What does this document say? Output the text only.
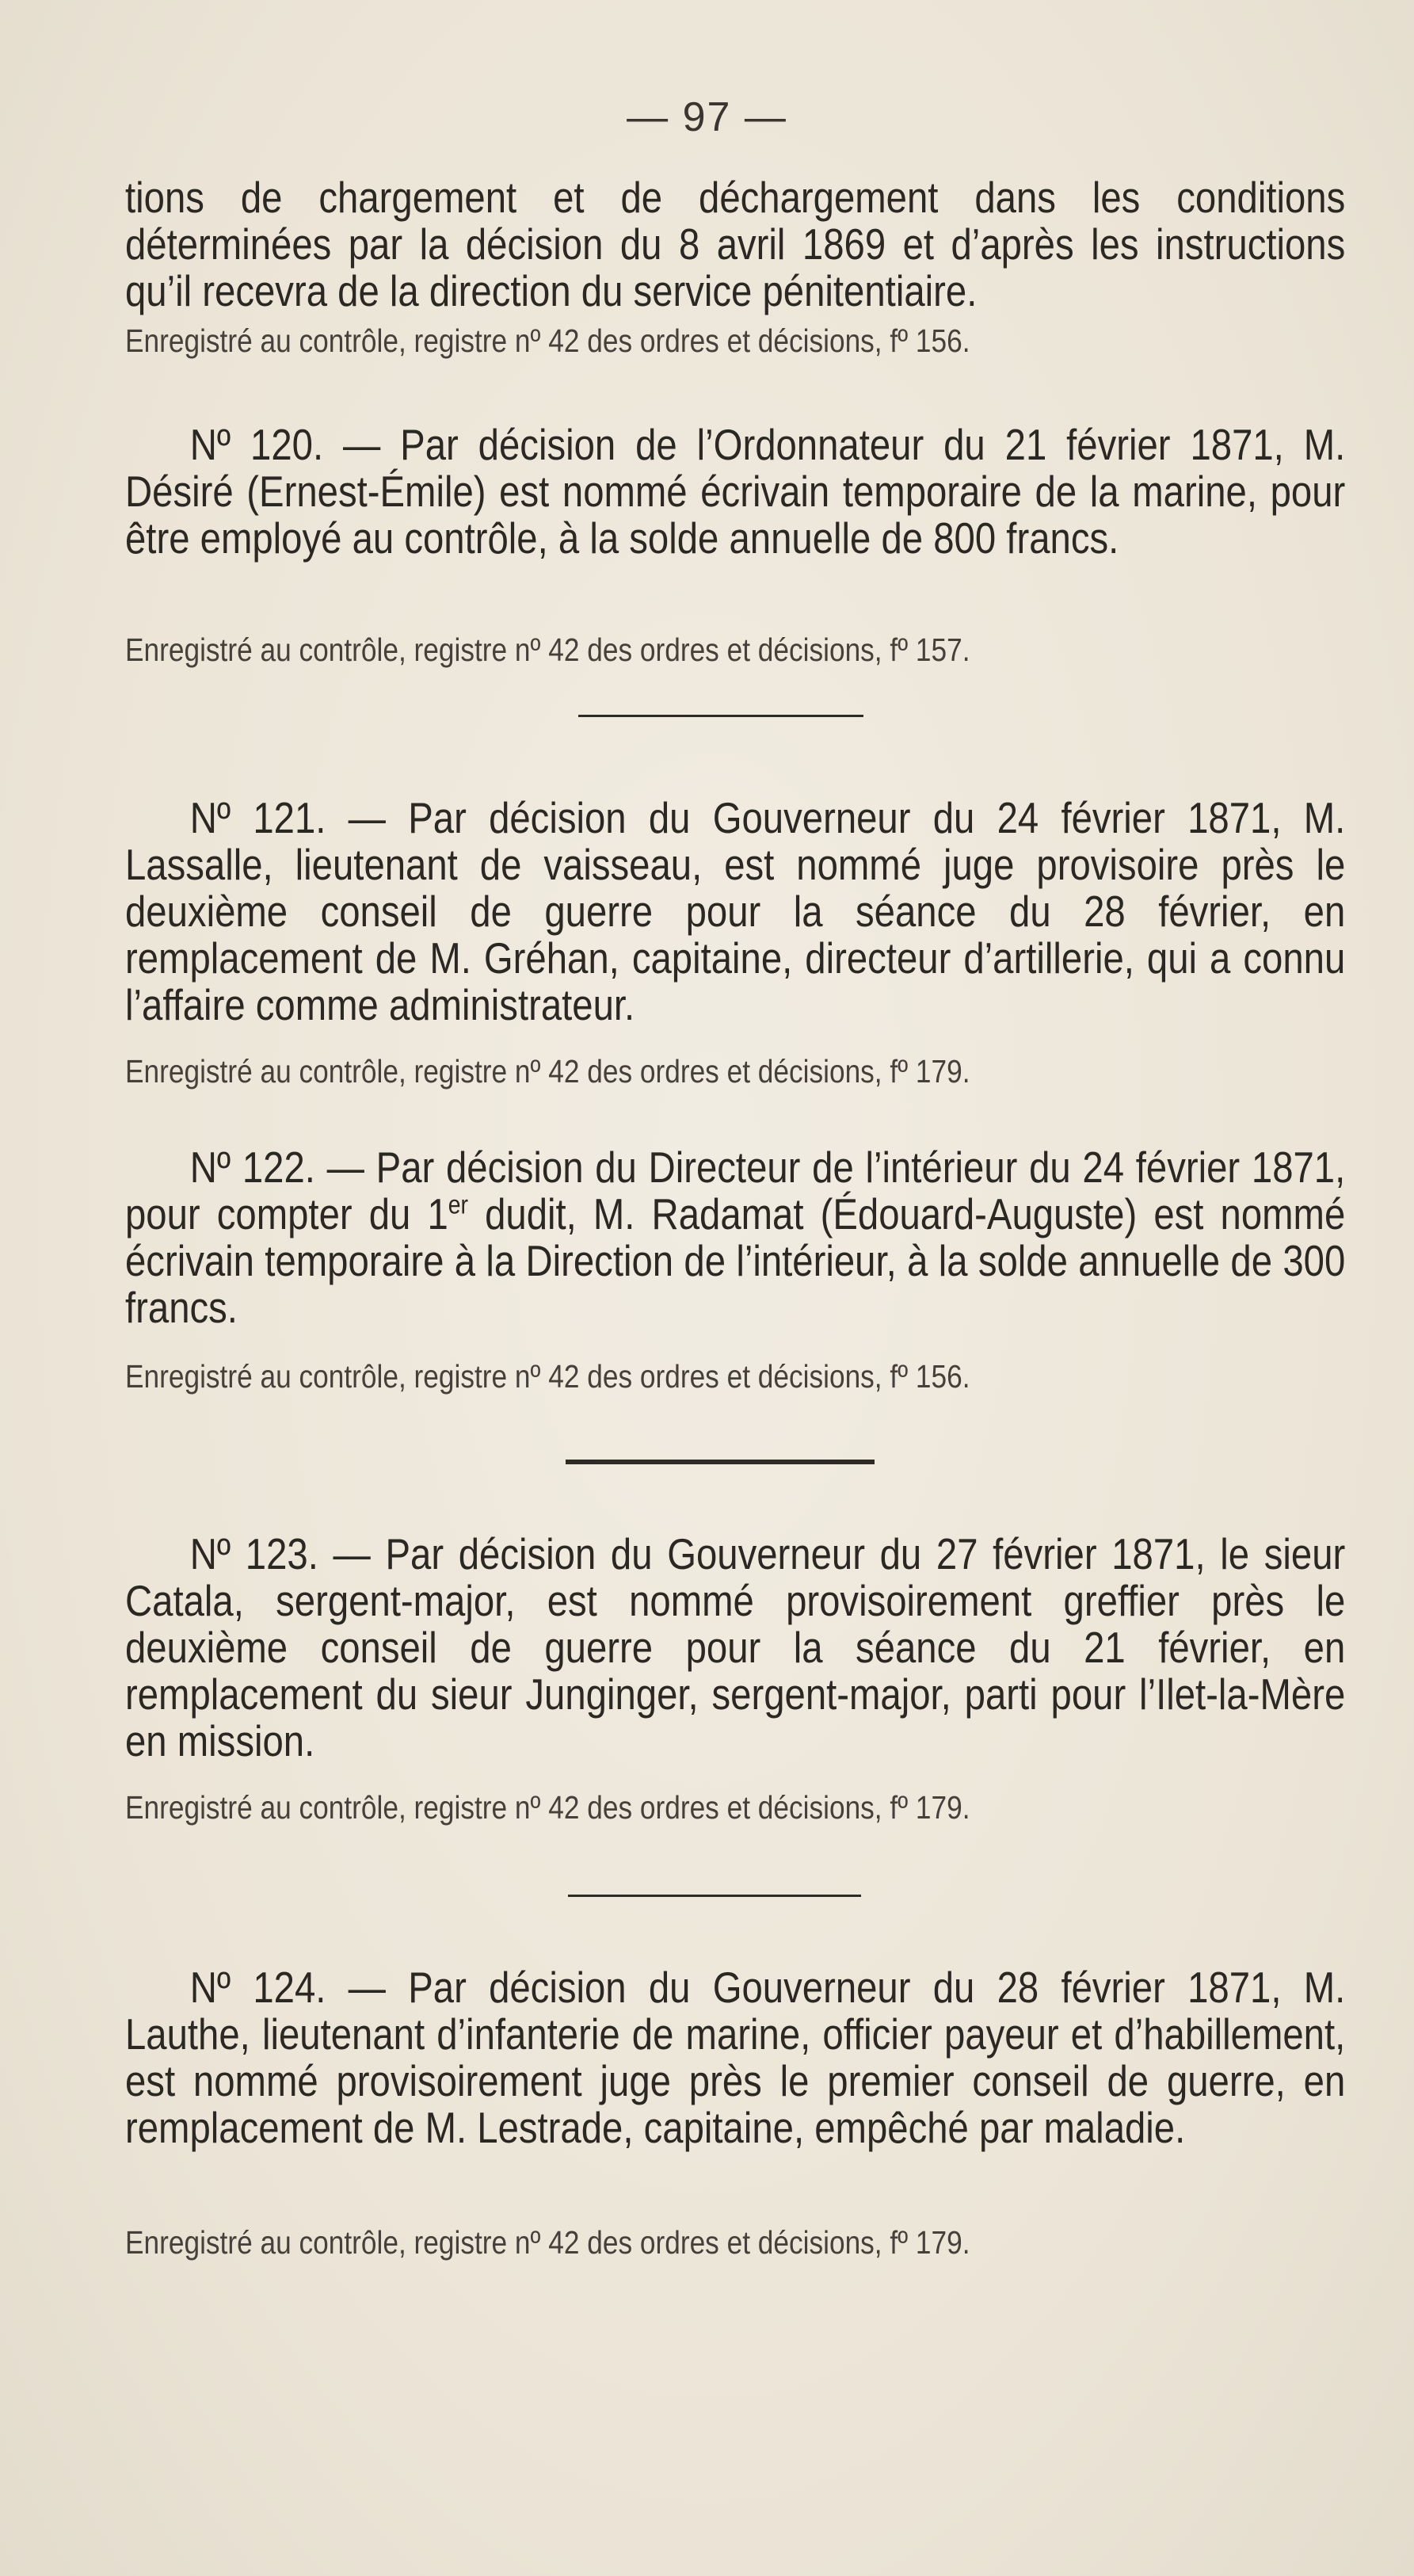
— 97 —
tions de chargement et de déchargement dans les conditions déterminées par la décision du 8 avril 1869 et d’après les instructions qu’il recevra de la direction du service pénitentiaire.
Enregistré au contrôle, registre nº 42 des ordres et décisions, fº 156.
Nº 120. — Par décision de l’Ordonnateur du 21 février 1871, M. Désiré (Ernest-Émile) est nommé écrivain temporaire de la marine, pour être employé au contrôle, à la solde annuelle de 800 francs.
Enregistré au contrôle, registre nº 42 des ordres et décisions, fº 157.
Nº 121. — Par décision du Gouverneur du 24 février 1871, M. Lassalle, lieutenant de vaisseau, est nommé juge provisoire près le deuxième conseil de guerre pour la séance du 28 février, en remplacement de M. Gréhan, capitaine, directeur d’artillerie, qui a connu l’affaire comme administrateur.
Enregistré au contrôle, registre nº 42 des ordres et décisions, fº 179.
Nº 122. — Par décision du Directeur de l’intérieur du 24 février 1871, pour compter du 1er dudit, M. Radamat (Édouard-Auguste) est nommé écrivain temporaire à la Direction de l’intérieur, à la solde annuelle de 300 francs.
Enregistré au contrôle, registre nº 42 des ordres et décisions, fº 156.
Nº 123. — Par décision du Gouverneur du 27 février 1871, le sieur Catala, sergent-major, est nommé provisoirement greffier près le deuxième conseil de guerre pour la séance du 21 février, en remplacement du sieur Junginger, sergent-major, parti pour l’Ilet-la-Mère en mission.
Enregistré au contrôle, registre nº 42 des ordres et décisions, fº 179.
Nº 124. — Par décision du Gouverneur du 28 février 1871, M. Lauthe, lieutenant d’infanterie de marine, officier payeur et d’habillement, est nommé provisoirement juge près le premier conseil de guerre, en remplacement de M. Lestrade, capitaine, empêché par maladie.
Enregistré au contrôle, registre nº 42 des ordres et décisions, fº 179.
